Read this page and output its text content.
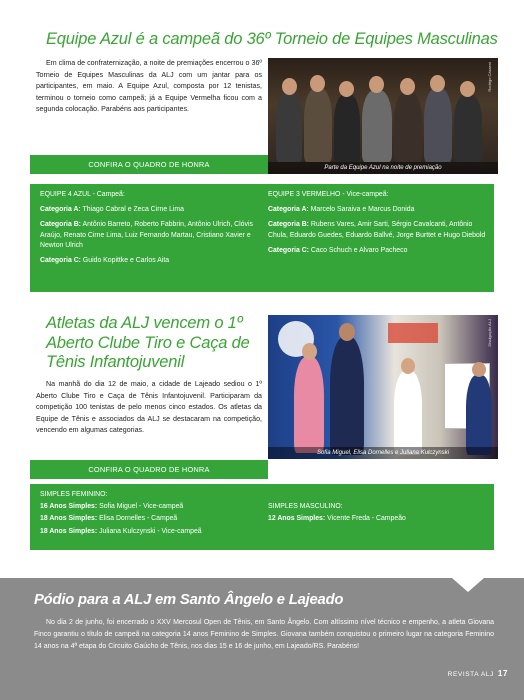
Equipe Azul é a campeã do 36º Torneio de Equipes Masculinas

Em clima de confraternização, a noite de premiações encerrou o 36º Torneio de Equipes Masculinas da ALJ com um jantar para os participantes, em maio. A Equipe Azul, composta por 12 tenistas, terminou o torneio como campeã; já a Equipe Vermelha ficou com a segunda colocação. Parabéns aos participantes.

Rodrigo Cásseni
Parte da Equipe Azul na noite de premiação
CONFIRA O QUADRO DE HONRA
EQUIPE 4 AZUL - Campeã:

Categoria A: Thiago Cabral e Zeca Cirne Lima

Categoria B: Antônio Barreto, Roberto Fabbrin, Antônio Ulrich, Clóvis Araújo, Renato Cirne Lima, Luiz Fernando Martau, Cristiano Xavier e Newton Ulrich

Categoria C: Guido Kopittke e Carlos Aita

EQUIPE 3 VERMELHO - Vice-campeã:

Categoria A: Marcelo Saraiva e Marcus Donida

Categoria B: Rubens Vares, Amir Sarti, Sérgio Cavalcanti, Antônio Chula, Eduardo Guedes, Eduardo Ballvé, Jorge Burttet e Hugo Diebold

Categoria C: Caco Schuch e Alvaro Pacheco

Atletas da ALJ vencem o 1º Aberto Clube Tiro e Caça de Tênis Infantojuvenil

Na manhã do dia 12 de maio, a cidade de Lajeado sediou o 1º Aberto Clube Tiro e Caça de Tênis Infantojuvenil. Participaram da competição 100 tenistas de pelo menos cinco estados. Os atletas da Equipe de Tênis e associados da ALJ se destacaram na competição, vencendo em algumas categorias.

Divulgação ALJ
Sofia Miguel, Elisa Dornelles e Juliana Kulczynski
CONFIRA O QUADRO DE HONRA
SIMPLES FEMININO:

16 Anos Simples: Sofia Miguel - Vice-campeã

18 Anos Simples: Elisa Dornelles - Campeã

18 Anos Simples: Juliana Kulczynski - Vice-campeã

SIMPLES MASCULINO:

12 Anos Simples: Vicente Freda - Campeão

Pódio para a ALJ em Santo Ângelo e Lajeado

No dia 2 de junho, foi encerrado o XXV Mercosul Open de Tênis, em Santo Ângelo. Com altíssimo nível técnico e empenho, a atleta Giovana Finco garantiu o título de campeã na categoria 14 anos Feminino de Simples. Giovana também conquistou o primeiro lugar na categoria Feminino 14 anos na 4ª etapa do Circuito Gaúcho de Tênis, nos dias 15 e 16 de junho, em Lajeado/RS. Parabéns!

REVISTA ALJ 17
